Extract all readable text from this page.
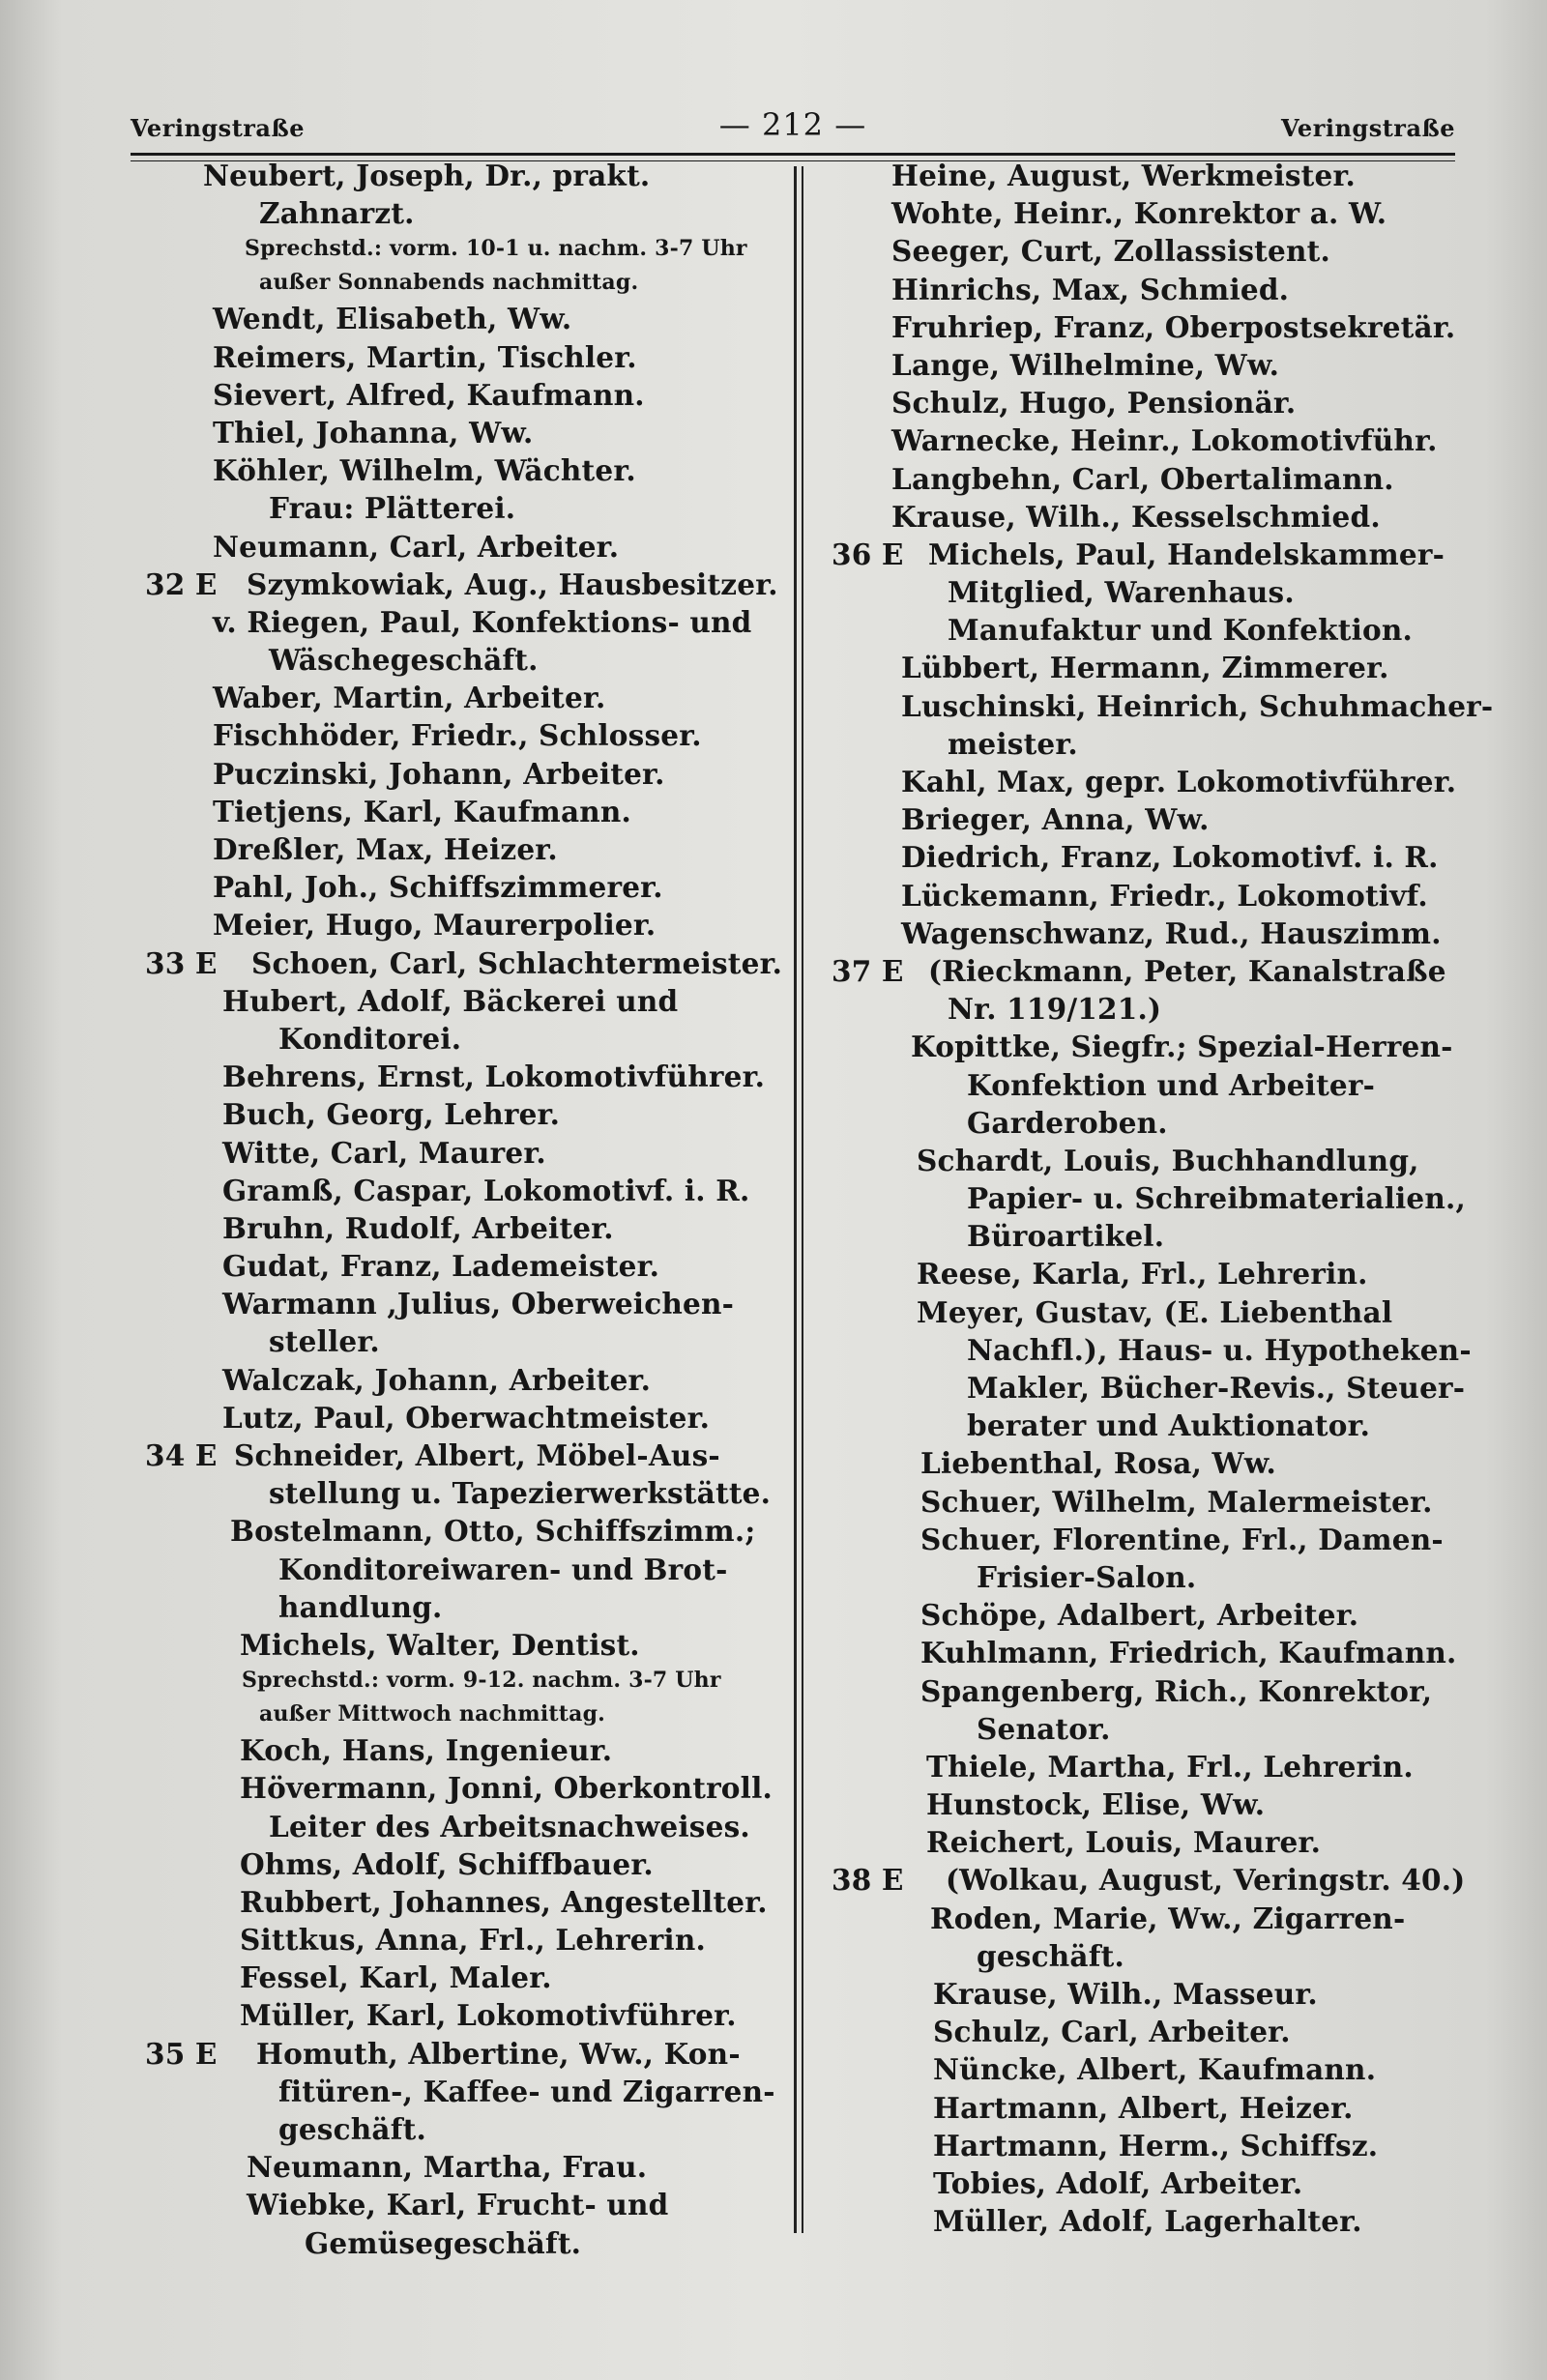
Veringstraße	— 212 —	Veringstraße
Neubert, Joseph, Dr., prakt.
Zahnarzt.
Sprechstd.: vorm. 10-1 u. nachm. 3-7 Uhr
außer Sonnabends nachmittag.
Wendt, Elisabeth, Ww.
Reimers, Martin, Tischler.
Sievert, Alfred, Kaufmann.
Thiel, Johanna, Ww.
Köhler, Wilhelm, Wächter.
Frau: Plätterei.
Neumann, Carl, Arbeiter.
32 E Szymkowiak, Aug., Hausbesitzer.
v. Riegen, Paul, Konfektions- und
Wäschegeschäft.
Waber, Martin, Arbeiter.
Fischhöder, Friedr., Schlosser.
Puczinski, Johann, Arbeiter.
Tietjens, Karl, Kaufmann.
Dreßler, Max, Heizer.
Pahl, Joh., Schiffszimmerer.
Meier, Hugo, Maurerpolier.
33 E Schoen, Carl, Schlachtermeister.
Hubert, Adolf, Bäckerei und
Konditorei.
Behrens, Ernst, Lokomotivführer.
Buch, Georg, Lehrer.
Witte, Carl, Maurer.
Gramß, Caspar, Lokomotivf. i. R.
Bruhn, Rudolf, Arbeiter.
Gudat, Franz, Lademeister.
Warmann ,Julius, Oberweichen-
steller.
Walczak, Johann, Arbeiter.
Lutz, Paul, Oberwachtmeister.
34 E Schneider, Albert, Möbel-Aus-
stellung u. Tapezierwerkstätte.
Bostelmann, Otto, Schiffszimm.;
Konditoreiwaren- und Brot-
handlung.
Michels, Walter, Dentist.
Sprechstd.: vorm. 9-12. nachm. 3-7 Uhr
außer Mittwoch nachmittag.
Koch, Hans, Ingenieur.
Hövermann, Jonni, Oberkontroll.
Leiter des Arbeitsnachweises.
Ohms, Adolf, Schiffbauer.
Rubbert, Johannes, Angestellter.
Sittkus, Anna, Frl., Lehrerin.
Fessel, Karl, Maler.
Müller, Karl, Lokomotivführer.
35 E Homuth, Albertine, Ww., Kon-
fitüren-, Kaffee- und Zigarren-
geschäft.
Neumann, Martha, Frau.
Wiebke, Karl, Frucht- und
Gemüsegeschäft.
Heine, August, Werkmeister.
Wohte, Heinr., Konrektor a. W.
Seeger, Curt, Zollassistent.
Hinrichs, Max, Schmied.
Fruhriep, Franz, Oberpostsekretär.
Lange, Wilhelmine, Ww.
Schulz, Hugo, Pensionär.
Warnecke, Heinr., Lokomotivführ.
Langbehn, Carl, Obertalimann.
Krause, Wilh., Kesselschmied.
36 E Michels, Paul, Handelskammer-
Mitglied, Warenhaus.
Manufaktur und Konfektion.
Lübbert, Hermann, Zimmerer.
Luschinski, Heinrich, Schuhmacher-
meister.
Kahl, Max, gepr. Lokomotivführer.
Brieger, Anna, Ww.
Diedrich, Franz, Lokomotivf. i. R.
Lückemann, Friedr., Lokomotivf.
Wagenschwanz, Rud., Hauszimm.
37 E (Rieckmann, Peter, Kanalstraße
Nr. 119/121.)
Kopittke, Siegfr.; Spezial-Herren-
Konfektion und Arbeiter-
Garderoben.
Schardt, Louis, Buchhandlung,
Papier- u. Schreibmaterialien.,
Büroartikel.
Reese, Karla, Frl., Lehrerin.
Meyer, Gustav, (E. Liebenthal
Nachfl.), Haus- u. Hypotheken-
Makler, Bücher-Revis., Steuer-
berater und Auktionator.
Liebenthal, Rosa, Ww.
Schuer, Wilhelm, Malermeister.
Schuer, Florentine, Frl., Damen-
Frisier-Salon.
Schöpe, Adalbert, Arbeiter.
Kuhlmann, Friedrich, Kaufmann.
Spangenberg, Rich., Konrektor,
Senator.
Thiele, Martha, Frl., Lehrerin.
Hunstock, Elise, Ww.
Reichert, Louis, Maurer.
38 E (Wolkau, August, Veringstr. 40.)
Roden, Marie, Ww., Zigarren-
geschäft.
Krause, Wilh., Masseur.
Schulz, Carl, Arbeiter.
Nüncke, Albert, Kaufmann.
Hartmann, Albert, Heizer.
Hartmann, Herm., Schiffsz.
Tobies, Adolf, Arbeiter.
Müller, Adolf, Lagerhalter.
